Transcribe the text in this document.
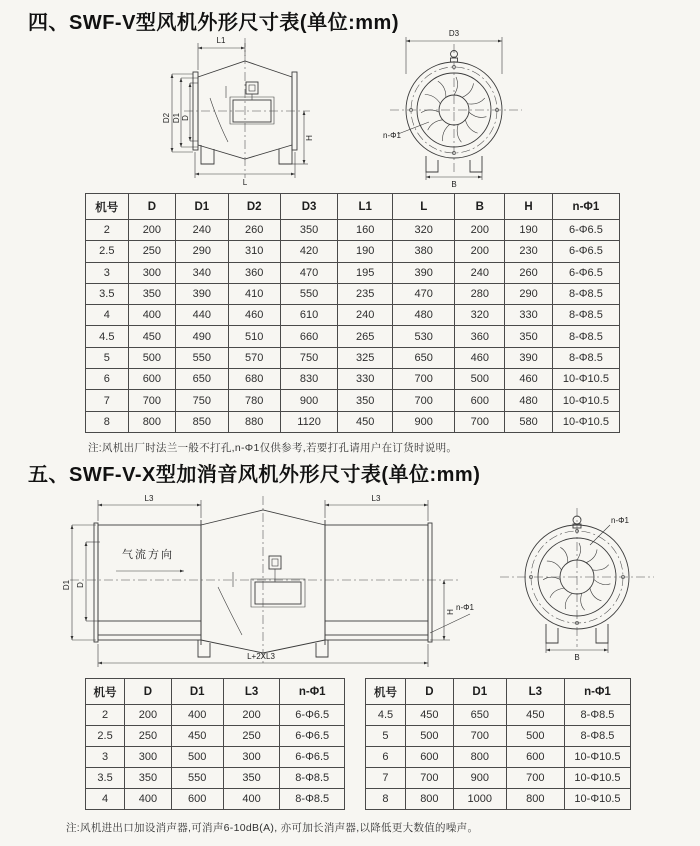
四、SWF-V型风机外形尺寸表(单位:mm)
L1
D2 D1 D
H
L
D3
n-Φ1
B
机号	D	D1	D2	D3	L1	L	B	H	n-Φ1
2	200	240	260	350	160	320	200	190	6-Φ6.5
2.5	250	290	310	420	190	380	200	230	6-Φ6.5
3	300	340	360	470	195	390	240	260	6-Φ6.5
3.5	350	390	410	550	235	470	280	290	8-Φ8.5
4	400	440	460	610	240	480	320	330	8-Φ8.5
4.5	450	490	510	660	265	530	360	350	8-Φ8.5
5	500	550	570	750	325	650	460	390	8-Φ8.5
6	600	650	680	830	330	700	500	460	10-Φ10.5
7	700	750	780	900	350	700	600	480	10-Φ10.5
8	800	850	880	1120	450	900	700	580	10-Φ10.5
注:风机出厂时法兰一般不打孔,n-Φ1仅供参考,若要打孔请用户在订货时说明。
五、SWF-V-X型加消音风机外形尺寸表(单位:mm)
L3	L3
D1 D
气流方向
H n-Φ1
L+2XL3
n-Φ1
B
机号	D	D1	L3	n-Φ1
2	200	400	200	6-Φ6.5
2.5	250	450	250	6-Φ6.5
3	300	500	300	6-Φ6.5
3.5	350	550	350	8-Φ8.5
4	400	600	400	8-Φ8.5
机号	D	D1	L3	n-Φ1
4.5	450	650	450	8-Φ8.5
5	500	700	500	8-Φ8.5
6	600	800	600	10-Φ10.5
7	700	900	700	10-Φ10.5
8	800	1000	800	10-Φ10.5
注:风机进出口加设消声器,可消声6-10dB(A), 亦可加长消声器,以降低更大数值的噪声。
